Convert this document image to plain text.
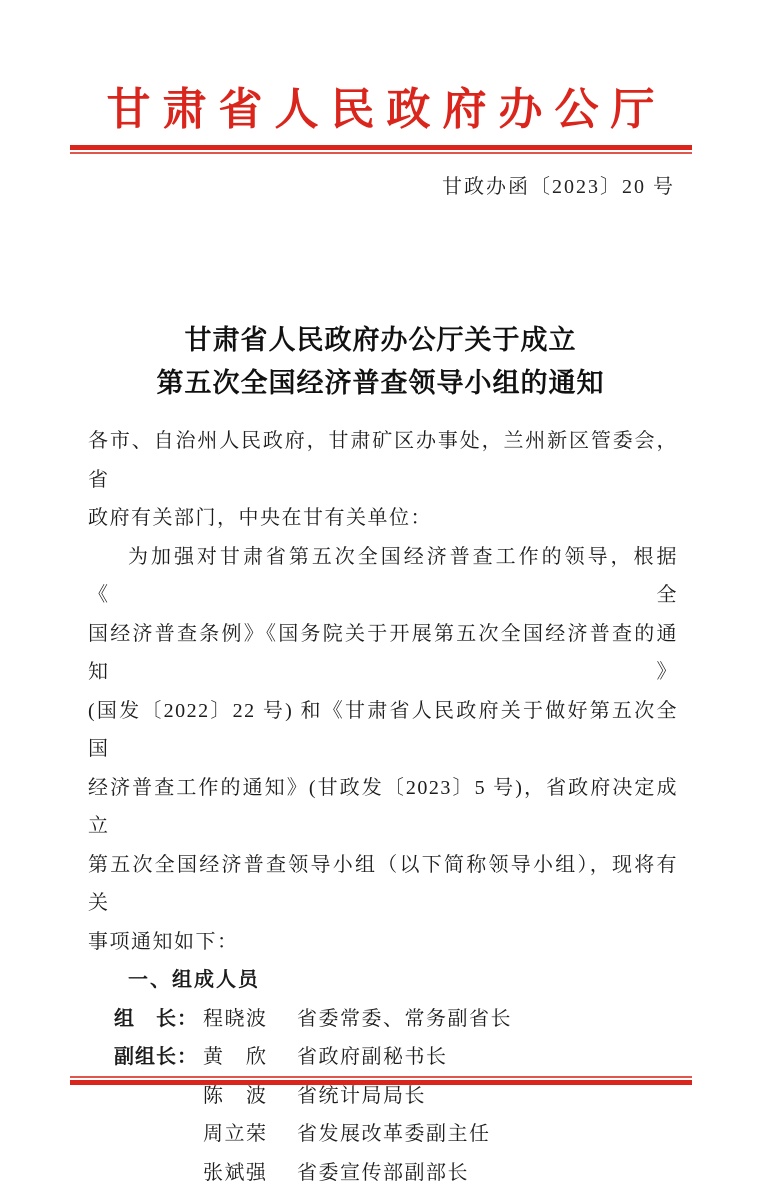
甘肃省人民政府办公厅
甘政办函〔2023〕20 号
甘肃省人民政府办公厅关于成立
第五次全国经济普查领导小组的通知
各市、自治州人民政府，甘肃矿区办事处，兰州新区管委会，省
政府有关部门，中央在甘有关单位：
为加强对甘肃省第五次全国经济普查工作的领导，根据《全
国经济普查条例》《国务院关于开展第五次全国经济普查的通知》
(国发〔2022〕22 号) 和《甘肃省人民政府关于做好第五次全国
经济普查工作的通知》(甘政发〔2023〕5 号)，省政府决定成立
第五次全国经济普查领导小组（以下简称领导小组），现将有关
事项通知如下：
一、组成人员
组　长： 程晓波	省委常委、常务副省长
副组长： 黄　欣	省政府副秘书长
陈　波	省统计局局长
周立荣	省发展改革委副主任
张斌强	省委宣传部副部长
